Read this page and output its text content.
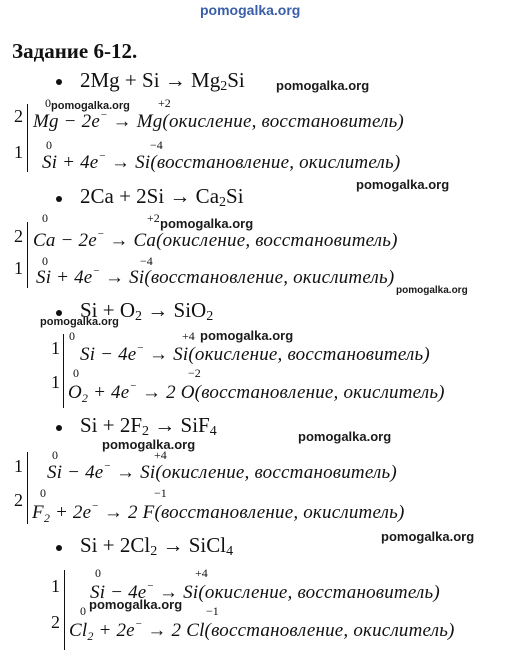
pomogalka.org
pomogalka.org
pomogalka.org
pomogalka.org
pomogalka.org
pomogalka.org
pomogalka.org
pomogalka.org
pomogalka.org
pomogalka.org
pomogalka.org
pomogalka.org
Задание 6-12.
$2Mg + Si \to Mg_2Si$
2
1
0	+2
Mg − 2e− → Mg(окисление, восстановитель)
0	−4
Si + 4e− → Si(восстановление, окислитель)
$2Ca + 2Si \to Ca_2Si$
2
1
0	+2
Ca − 2e− → Ca(окисление, восстановитель)
0	−4
Si + 4e− → Si(восстановление, окислитель)
$Si + O_2 \to SiO_2$
1
1
0	+4
Si − 4e− → Si(окисление, восстановитель)
0	−2
$O_2 + 4e^- \to 2$ O(восстановление, окислитель)
$Si + 2F_2 \to SiF_4$
1
2
0	+4
Si − 4e− → Si(окисление, восстановитель)
0	−1
$F_2 + 2e^- \to 2$ F(восстановление, окислитель)
$Si + 2Cl_2$ → SiCl$_4$
1
2
0	+4
Si − 4e− → Si(окисление, восстановитель)
0	−1
$Cl_2 + 2e^- \to 2$ Cl(восстановление, окислитель)
